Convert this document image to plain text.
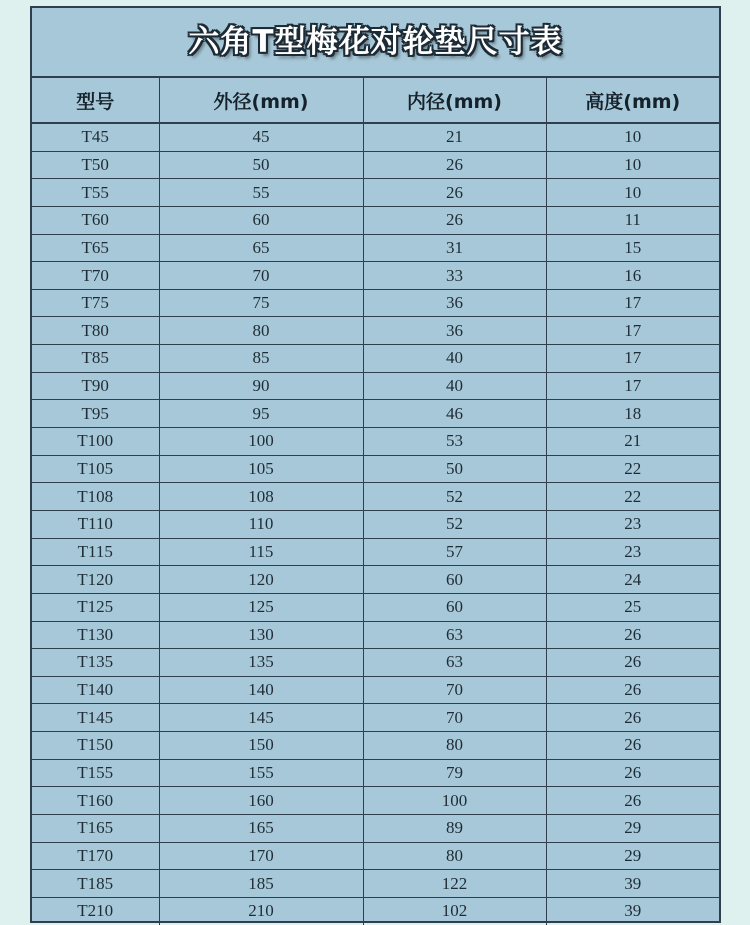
六角T型梅花对轮垫尺寸表
型号	外径(mm)	内径(mm)	高度(mm)
T45	45	21	10
T50	50	26	10
T55	55	26	10
T60	60	26	11
T65	65	31	15
T70	70	33	16
T75	75	36	17
T80	80	36	17
T85	85	40	17
T90	90	40	17
T95	95	46	18
T100	100	53	21
T105	105	50	22
T108	108	52	22
T110	110	52	23
T115	115	57	23
T120	120	60	24
T125	125	60	25
T130	130	63	26
T135	135	63	26
T140	140	70	26
T145	145	70	26
T150	150	80	26
T155	155	79	26
T160	160	100	26
T165	165	89	29
T170	170	80	29
T185	185	122	39
T210	210	102	39
